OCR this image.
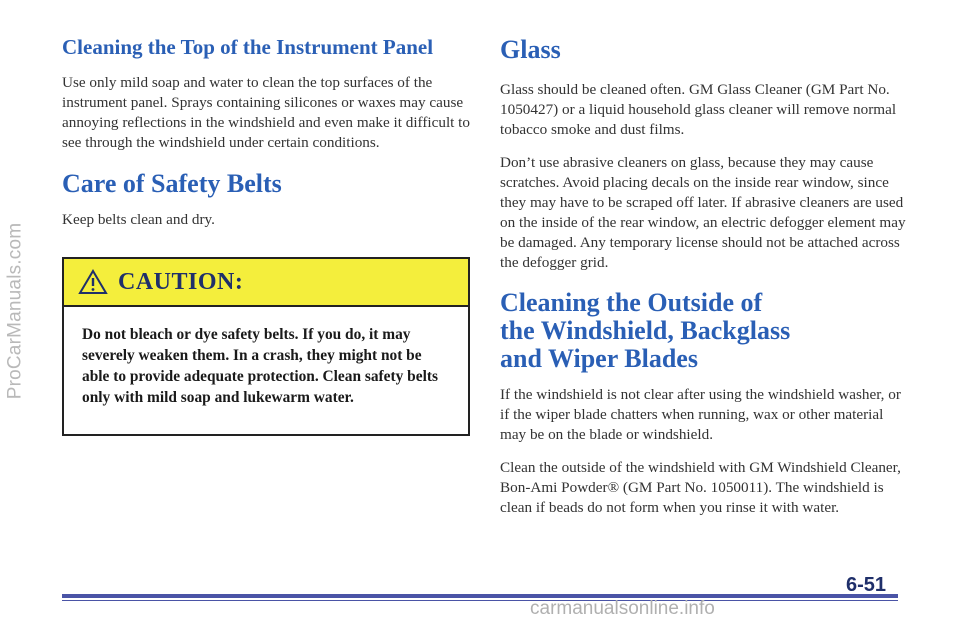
ProCarManuals.com
Cleaning the Top of the Instrument Panel

Use only mild soap and water to clean the top surfaces of the instrument panel. Sprays containing silicones or waxes may cause annoying reflections in the windshield and even make it difficult to see through the windshield under certain conditions.

Care of Safety Belts

Keep belts clean and dry.

CAUTION:

Do not bleach or dye safety belts. If you do, it may severely weaken them. In a crash, they might not be able to provide adequate protection. Clean safety belts only with mild soap and lukewarm water.

Glass

Glass should be cleaned often. GM Glass Cleaner (GM Part No. 1050427) or a liquid household glass cleaner will remove normal tobacco smoke and dust films.

Don’t use abrasive cleaners on glass, because they may cause scratches. Avoid placing decals on the inside rear window, since they may have to be scraped off later. If abrasive cleaners are used on the inside of the rear window, an electric defogger element may be damaged. Any temporary license should not be attached across the defogger grid.

Cleaning the Outside of
the Windshield, Backglass
and Wiper Blades

If the windshield is not clear after using the windshield washer, or if the wiper blade chatters when running, wax or other material may be on the blade or windshield.

Clean the outside of the windshield with GM Windshield Cleaner, Bon-Ami Powder® (GM Part No. 1050011). The windshield is clean if beads do not form when you rinse it with water.

6-51
carmanualsonline.info
